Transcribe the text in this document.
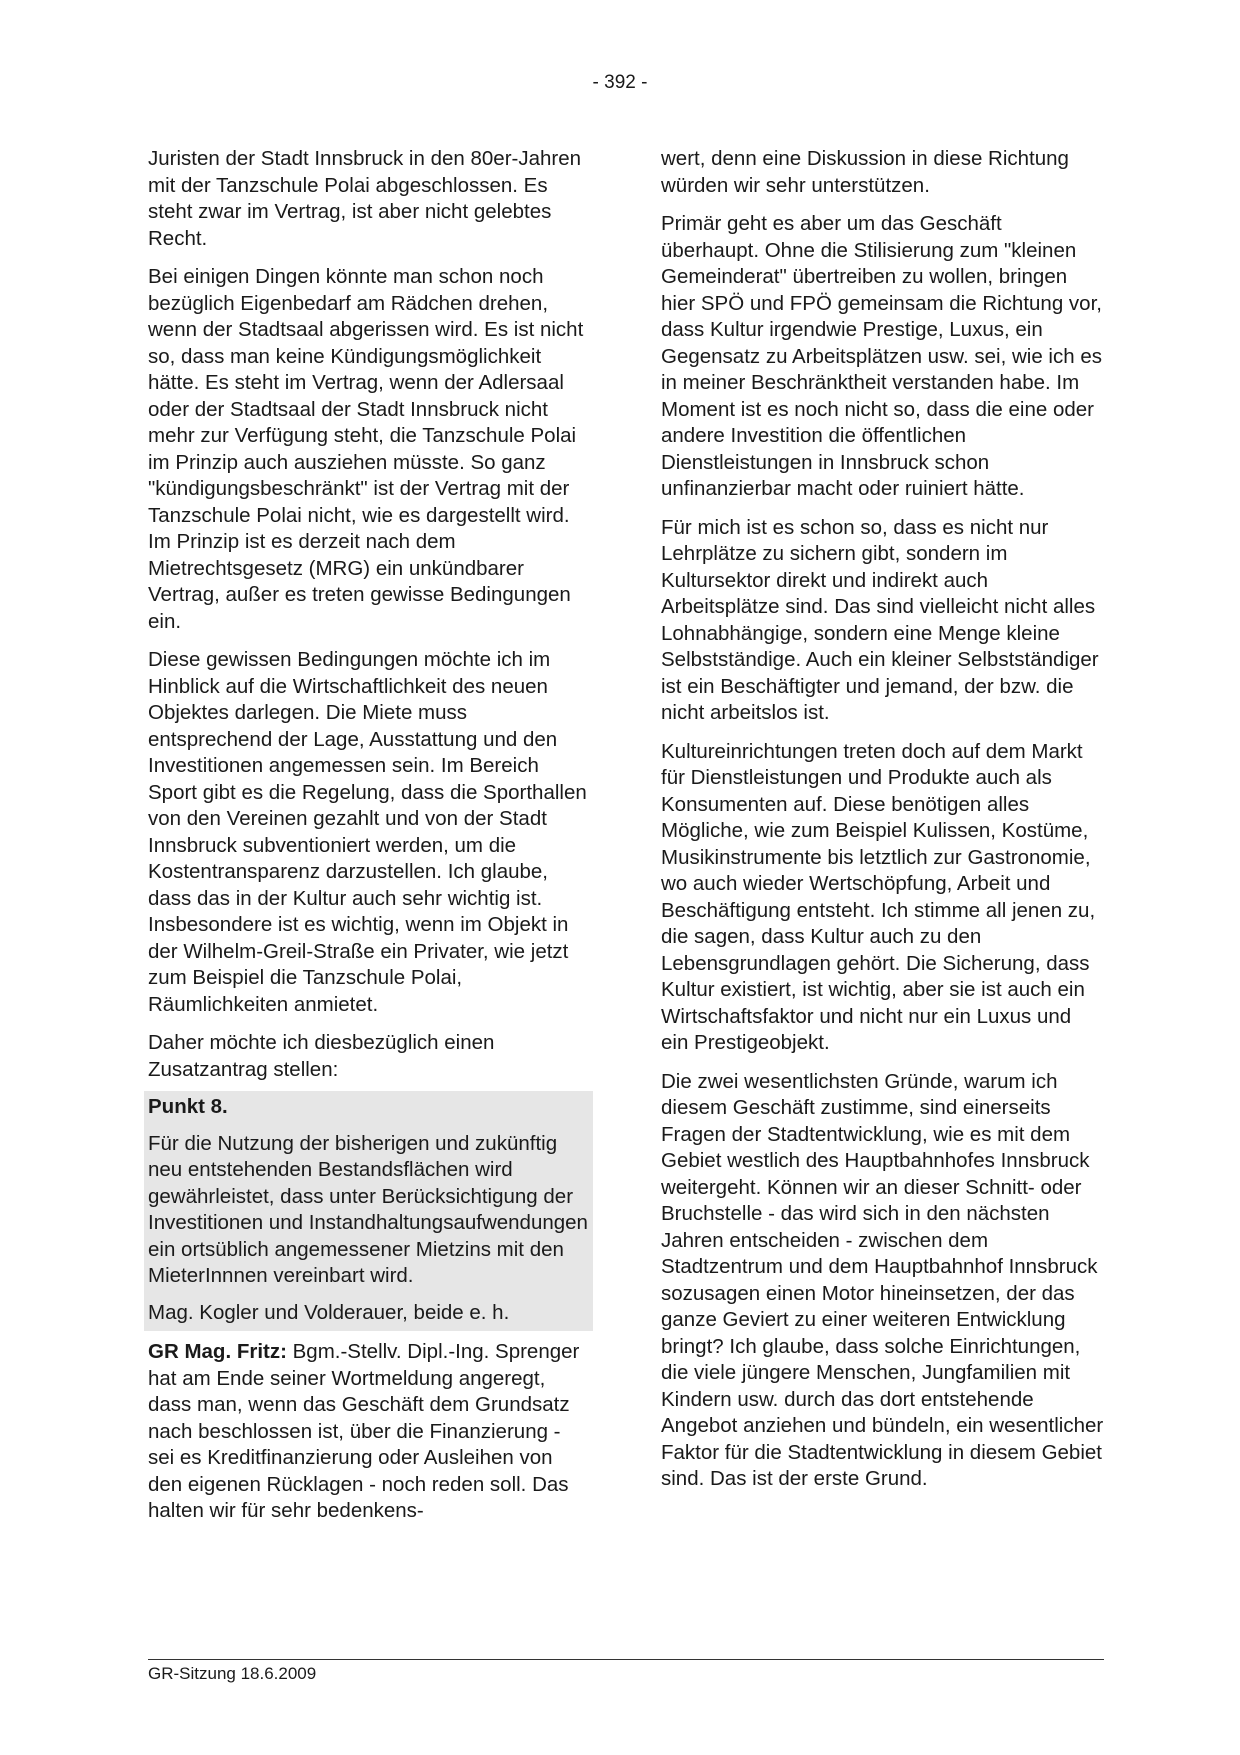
- 392 -

Juristen der Stadt Innsbruck in den 80er-Jahren mit der Tanzschule Polai abgeschlossen. Es steht zwar im Vertrag, ist aber nicht gelebtes Recht.

Bei einigen Dingen könnte man schon noch bezüglich Eigenbedarf am Rädchen drehen, wenn der Stadtsaal abgerissen wird. Es ist nicht so, dass man keine Kündigungsmöglichkeit hätte. Es steht im Vertrag, wenn der Adlersaal oder der Stadtsaal der Stadt Innsbruck nicht mehr zur Verfügung steht, die Tanzschule Polai im Prinzip auch ausziehen müsste. So ganz "kündigungsbeschränkt" ist der Vertrag mit der Tanzschule Polai nicht, wie es dargestellt wird. Im Prinzip ist es derzeit nach dem Mietrechtsgesetz (MRG) ein unkündbarer Vertrag, außer es treten gewisse Bedingungen ein.

Diese gewissen Bedingungen möchte ich im Hinblick auf die Wirtschaftlichkeit des neuen Objektes darlegen. Die Miete muss entsprechend der Lage, Ausstattung und den Investitionen angemessen sein. Im Bereich Sport gibt es die Regelung, dass die Sporthallen von den Vereinen gezahlt und von der Stadt Innsbruck subventioniert werden, um die Kostentransparenz darzustellen. Ich glaube, dass das in der Kultur auch sehr wichtig ist. Insbesondere ist es wichtig, wenn im Objekt in der Wilhelm-Greil-Straße ein Privater, wie jetzt zum Beispiel die Tanzschule Polai, Räumlichkeiten anmietet.

Daher möchte ich diesbezüglich einen Zusatzantrag stellen:

Punkt 8.

Für die Nutzung der bisherigen und zukünftig neu entstehenden Bestandsflächen wird gewährleistet, dass unter Berücksichtigung der Investitionen und Instandhaltungsaufwendungen ein ortsüblich angemessener Mietzins mit den MieterInnnen vereinbart wird.

Mag. Kogler und Volderauer, beide e. h.

GR Mag. Fritz: Bgm.-Stellv. Dipl.-Ing. Sprenger hat am Ende seiner Wortmeldung angeregt, dass man, wenn das Geschäft dem Grundsatz nach beschlossen ist, über die Finanzierung - sei es Kreditfinanzierung oder Ausleihen von den eigenen Rücklagen - noch reden soll. Das halten wir für sehr bedenkens-

wert, denn eine Diskussion in diese Richtung würden wir sehr unterstützen.

Primär geht es aber um das Geschäft überhaupt. Ohne die Stilisierung zum "kleinen Gemeinderat" übertreiben zu wollen, bringen hier SPÖ und FPÖ gemeinsam die Richtung vor, dass Kultur irgendwie Prestige, Luxus, ein Gegensatz zu Arbeitsplätzen usw. sei, wie ich es in meiner Beschränktheit verstanden habe. Im Moment ist es noch nicht so, dass die eine oder andere Investition die öffentlichen Dienstleistungen in Innsbruck schon unfinanzierbar macht oder ruiniert hätte.

Für mich ist es schon so, dass es nicht nur Lehrplätze zu sichern gibt, sondern im Kultursektor direkt und indirekt auch Arbeitsplätze sind. Das sind vielleicht nicht alles Lohnabhängige, sondern eine Menge kleine Selbstständige. Auch ein kleiner Selbstständiger ist ein Beschäftigter und jemand, der bzw. die nicht arbeitslos ist.

Kultureinrichtungen treten doch auf dem Markt für Dienstleistungen und Produkte auch als Konsumenten auf. Diese benötigen alles Mögliche, wie zum Beispiel Kulissen, Kostüme, Musikinstrumente bis letztlich zur Gastronomie, wo auch wieder Wertschöpfung, Arbeit und Beschäftigung entsteht. Ich stimme all jenen zu, die sagen, dass Kultur auch zu den Lebensgrundlagen gehört. Die Sicherung, dass Kultur existiert, ist wichtig, aber sie ist auch ein Wirtschaftsfaktor und nicht nur ein Luxus und ein Prestigeobjekt.

Die zwei wesentlichsten Gründe, warum ich diesem Geschäft zustimme, sind einerseits Fragen der Stadtentwicklung, wie es mit dem Gebiet westlich des Hauptbahnhofes Innsbruck weitergeht. Können wir an dieser Schnitt- oder Bruchstelle - das wird sich in den nächsten Jahren entscheiden - zwischen dem Stadtzentrum und dem Hauptbahnhof Innsbruck sozusagen einen Motor hineinsetzen, der das ganze Geviert zu einer weiteren Entwicklung bringt? Ich glaube, dass solche Einrichtungen, die viele jüngere Menschen, Jungfamilien mit Kindern usw. durch das dort entstehende Angebot anziehen und bündeln, ein wesentlicher Faktor für die Stadtentwicklung in diesem Gebiet sind. Das ist der erste Grund.

GR-Sitzung 18.6.2009
